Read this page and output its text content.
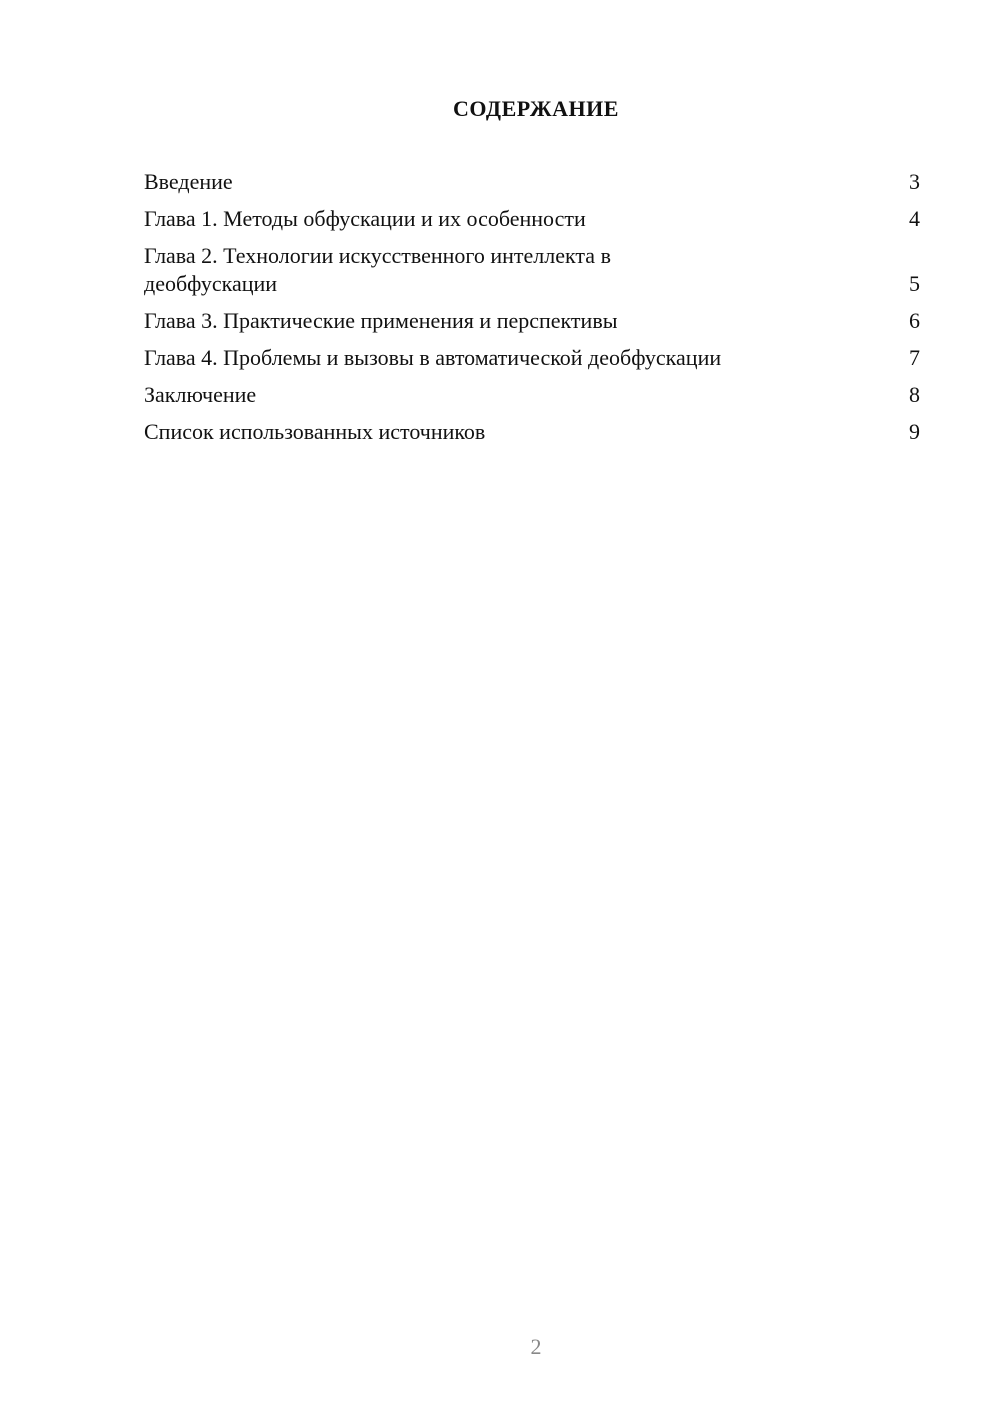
СОДЕРЖАНИЕ
Введение	3
Глава 1. Методы обфускации и их особенности	4
Глава 2. Технологии искусственного интеллекта в деобфускации	5
Глава 3. Практические применения и перспективы	6
Глава 4. Проблемы и вызовы в автоматической деобфускации	7
Заключение	8
Список использованных источников	9
2
